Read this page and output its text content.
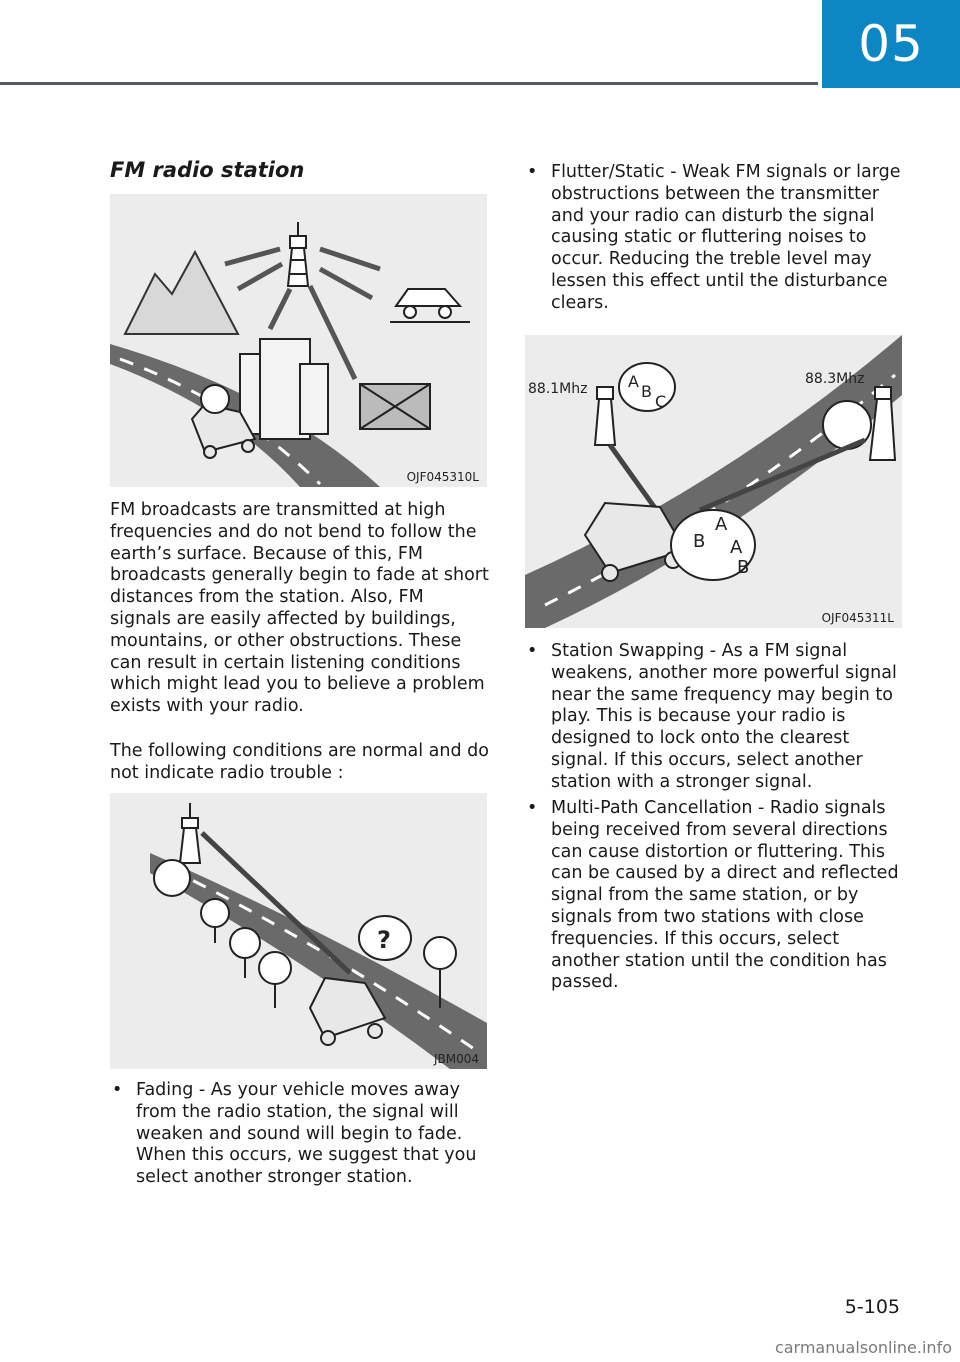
05
FM radio station
OJF045310L

FM broadcasts are transmitted at high frequencies and do not bend to follow the earth’s surface. Because of this, FM broadcasts generally begin to fade at short distances from the station. Also, FM signals are easily affected by buildings, mountains, or other obstructions. These can result in certain listening conditions which might lead you to believe a problem exists with your radio.

The following conditions are normal and do not indicate radio trouble :

?
JBM004
• Fading - As your vehicle moves away from the radio station, the signal will weaken and sound will begin to fade. When this occurs, we suggest that you select another stronger station.
• Flutter/Static - Weak FM signals or large obstructions between the transmitter and your radio can disturb the signal causing static or fluttering noises to occur. Reducing the treble level may lessen this effect until the disturbance clears.
88.1Mhz
88.3Mhz
A
B
C
B
A
A
B
OJF045311L
• Station Swapping - As a FM signal weakens, another more powerful signal near the same frequency may begin to play. This is because your radio is designed to lock onto the clearest signal. If this occurs, select another station with a stronger signal.
• Multi-Path Cancellation - Radio signals being received from several directions can cause distortion or fluttering. This can be caused by a direct and reflected signal from the same station, or by signals from two stations with close frequencies. If this occurs, select another station until the condition has passed.
5-105
carmanualsonline.info
